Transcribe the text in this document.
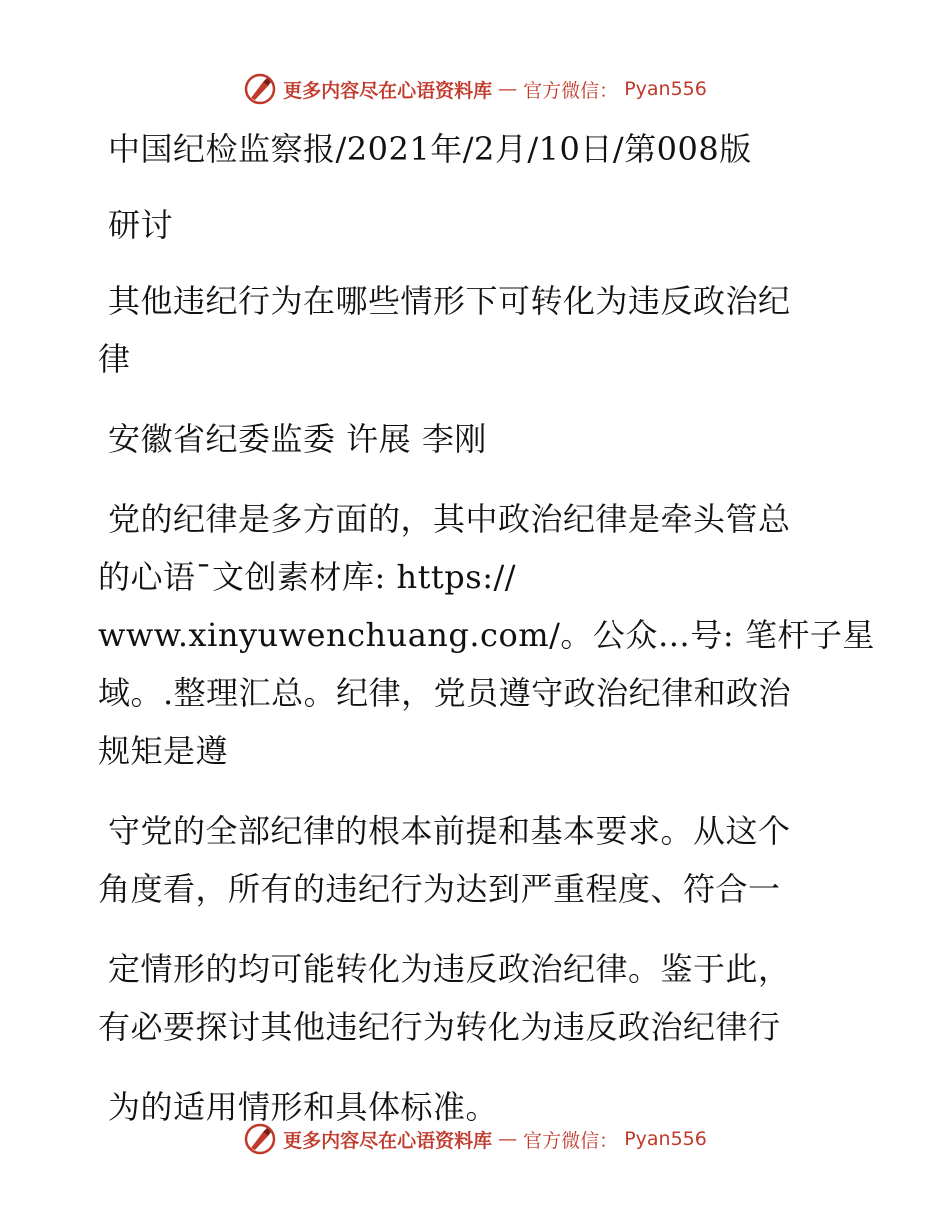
更多内容尽在心语资料库 — 官方微信： Pyan556
中国纪检监察报/2021年/2月/10日/第008版
研讨
其他违纪行为在哪些情形下可转化为违反政治纪
律
安徽省纪委监委 许展 李刚
党的纪律是多方面的，其中政治纪律是牵头管总
的心语¯文创素材库: https://
www.xinyuwenchuang.com/。公众…号: 笔杆子星
域。.整理汇总。纪律，党员遵守政治纪律和政治
规矩是遵
守党的全部纪律的根本前提和基本要求。从这个
角度看，所有的违纪行为达到严重程度、符合一
定情形的均可能转化为违反政治纪律。鉴于此，
有必要探讨其他违纪行为转化为违反政治纪律行
为的适用情形和具体标准。
更多内容尽在心语资料库 — 官方微信： Pyan556
